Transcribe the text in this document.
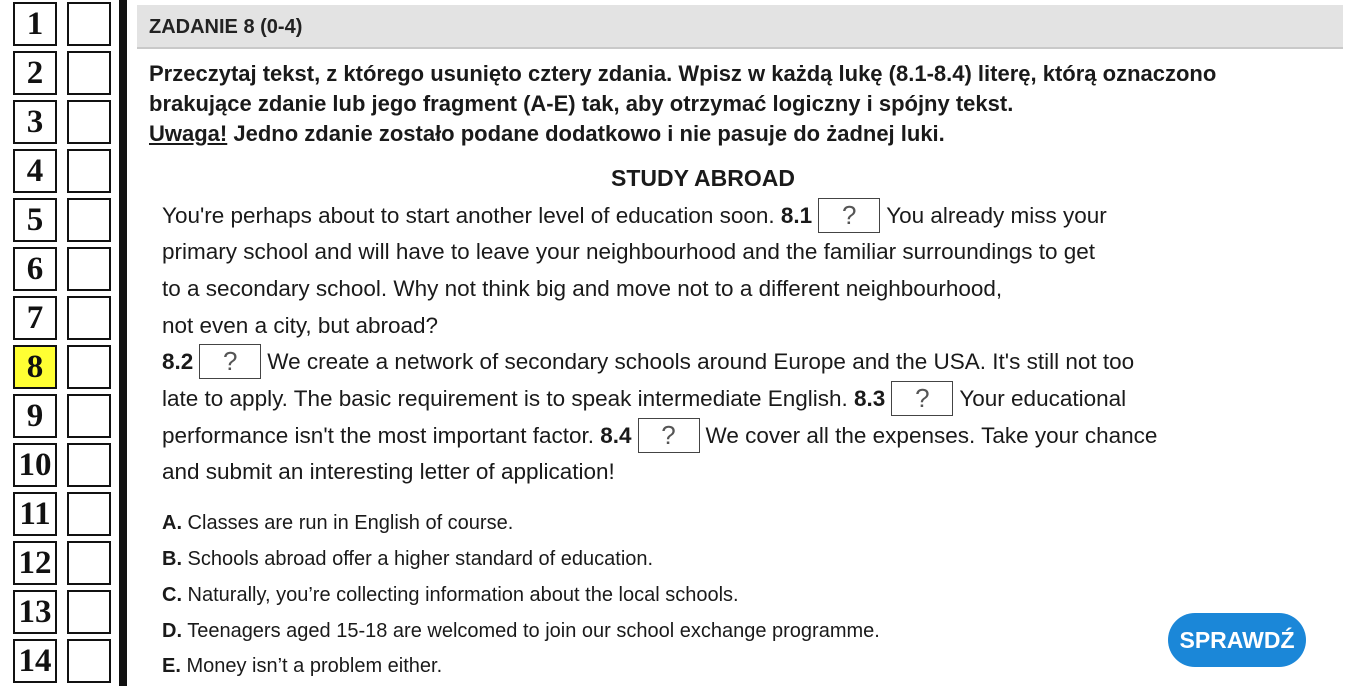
1
2
3
4
5
6
7
8
9
10
11
12
13
14
ZADANIE 8 (0-4)
Przeczytaj tekst, z którego usunięto cztery zdania. Wpisz w każdą lukę (8.1-8.4) literę, którą oznaczono
brakujące zdanie lub jego fragment (A-E) tak, aby otrzymać logiczny i spójny tekst.
Uwaga! Jedno zdanie zostało podane dodatkowo i nie pasuje do żadnej luki.
STUDY ABROAD
You're perhaps about to start another level of education soon. 8.1 ? You already miss your
primary school and will have to leave your neighbourhood and the familiar surroundings to get
to a secondary school. Why not think big and move not to a different neighbourhood,
not even a city, but abroad?
8.2 ? We create a network of secondary schools around Europe and the USA. It's still not too
late to apply. The basic requirement is to speak intermediate English. 8.3 ? Your educational
performance isn't the most important factor. 8.4 ? We cover all the expenses. Take your chance
and submit an interesting letter of application!
A. Classes are run in English of course.
B. Schools abroad offer a higher standard of education.
C. Naturally, you’re collecting information about the local schools.
D. Teenagers aged 15-18 are welcomed to join our school exchange programme.
E. Money isn’t a problem either.
SPRAWDŹ
